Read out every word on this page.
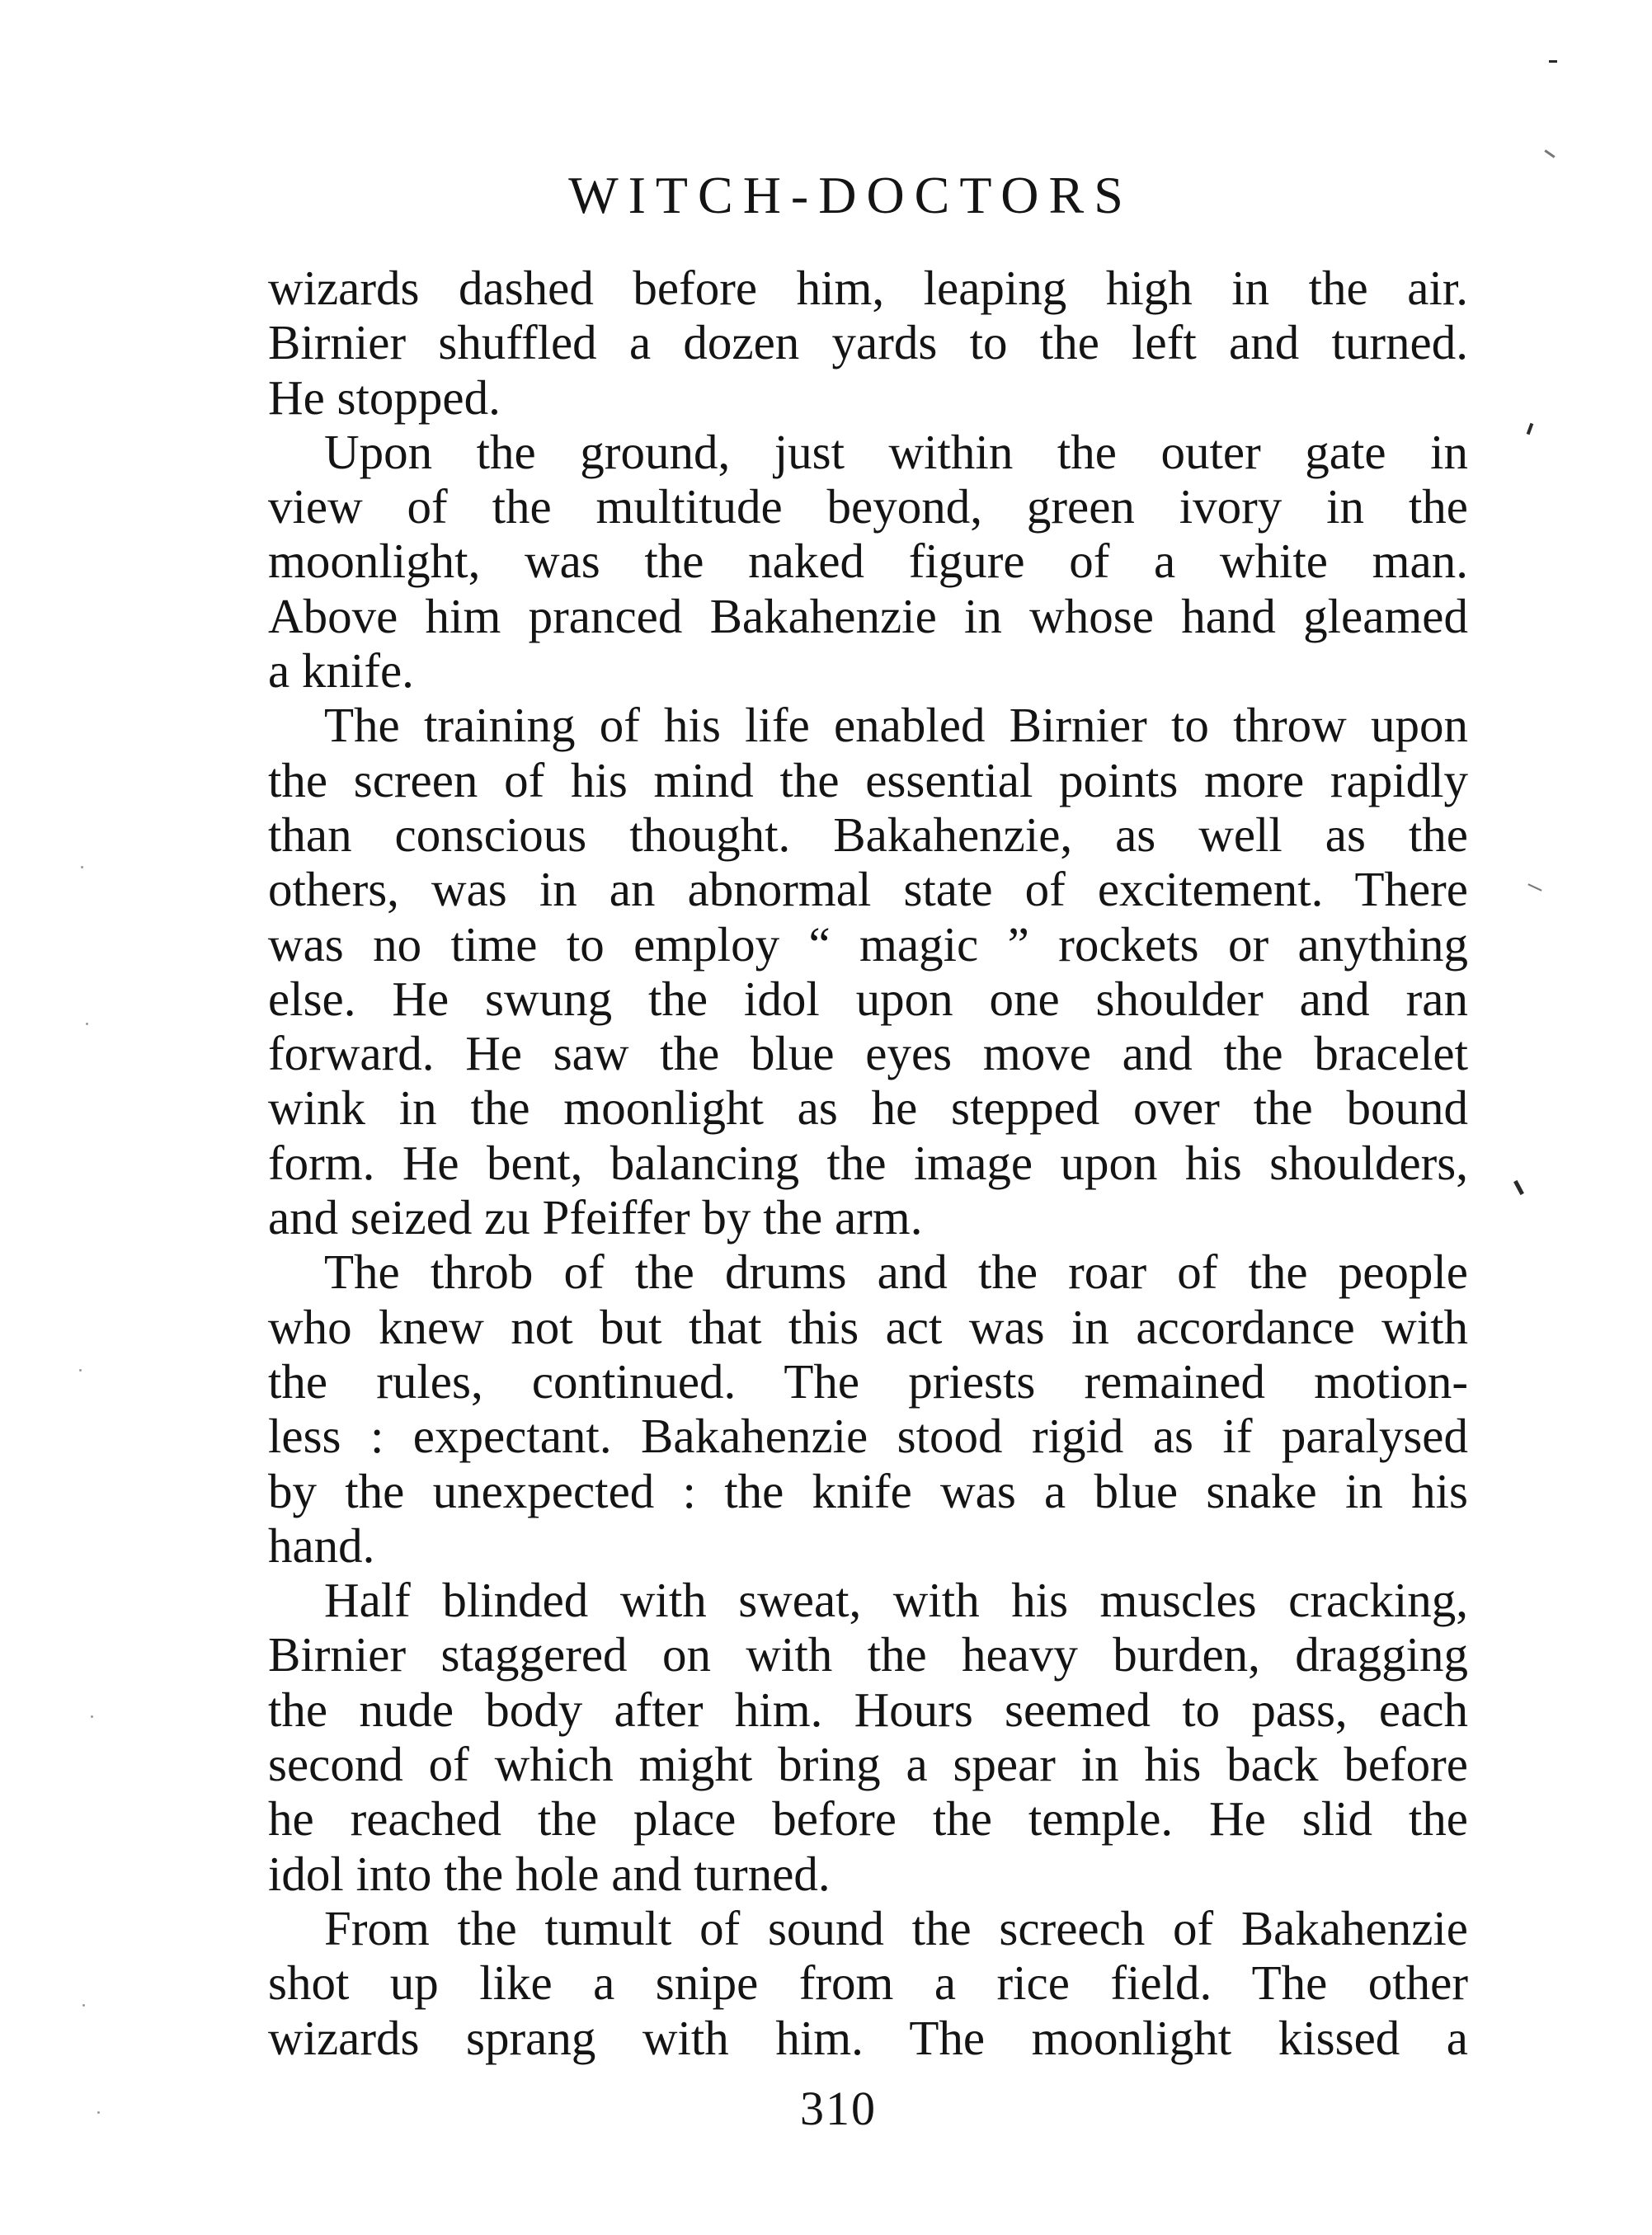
WITCH-DOCTORS
wizards dashed before him, leaping high in the air.
Birnier shuffled a dozen yards to the left and turned.
He stopped.
Upon the ground, just within the outer gate in
view of the multitude beyond, green ivory in the
moonlight, was the naked figure of a white man.
Above him pranced Bakahenzie in whose hand gleamed
a knife.
The training of his life enabled Birnier to throw upon
the screen of his mind the essential points more rapidly
than conscious thought. Bakahenzie, as well as the
others, was in an abnormal state of excitement. There
was no time to employ “ magic ” rockets or anything
else. He swung the idol upon one shoulder and ran
forward. He saw the blue eyes move and the bracelet
wink in the moonlight as he stepped over the bound
form. He bent, balancing the image upon his shoulders,
and seized zu Pfeiffer by the arm.
The throb of the drums and the roar of the people
who knew not but that this act was in accordance with
the rules, continued. The priests remained motion-
less : expectant. Bakahenzie stood rigid as if paralysed
by the unexpected : the knife was a blue snake in his
hand.
Half blinded with sweat, with his muscles cracking,
Birnier staggered on with the heavy burden, dragging
the nude body after him. Hours seemed to pass, each
second of which might bring a spear in his back before
he reached the place before the temple. He slid the
idol into the hole and turned.
From the tumult of sound the screech of Bakahenzie
shot up like a snipe from a rice field. The other
wizards sprang with him. The moonlight kissed a
310
